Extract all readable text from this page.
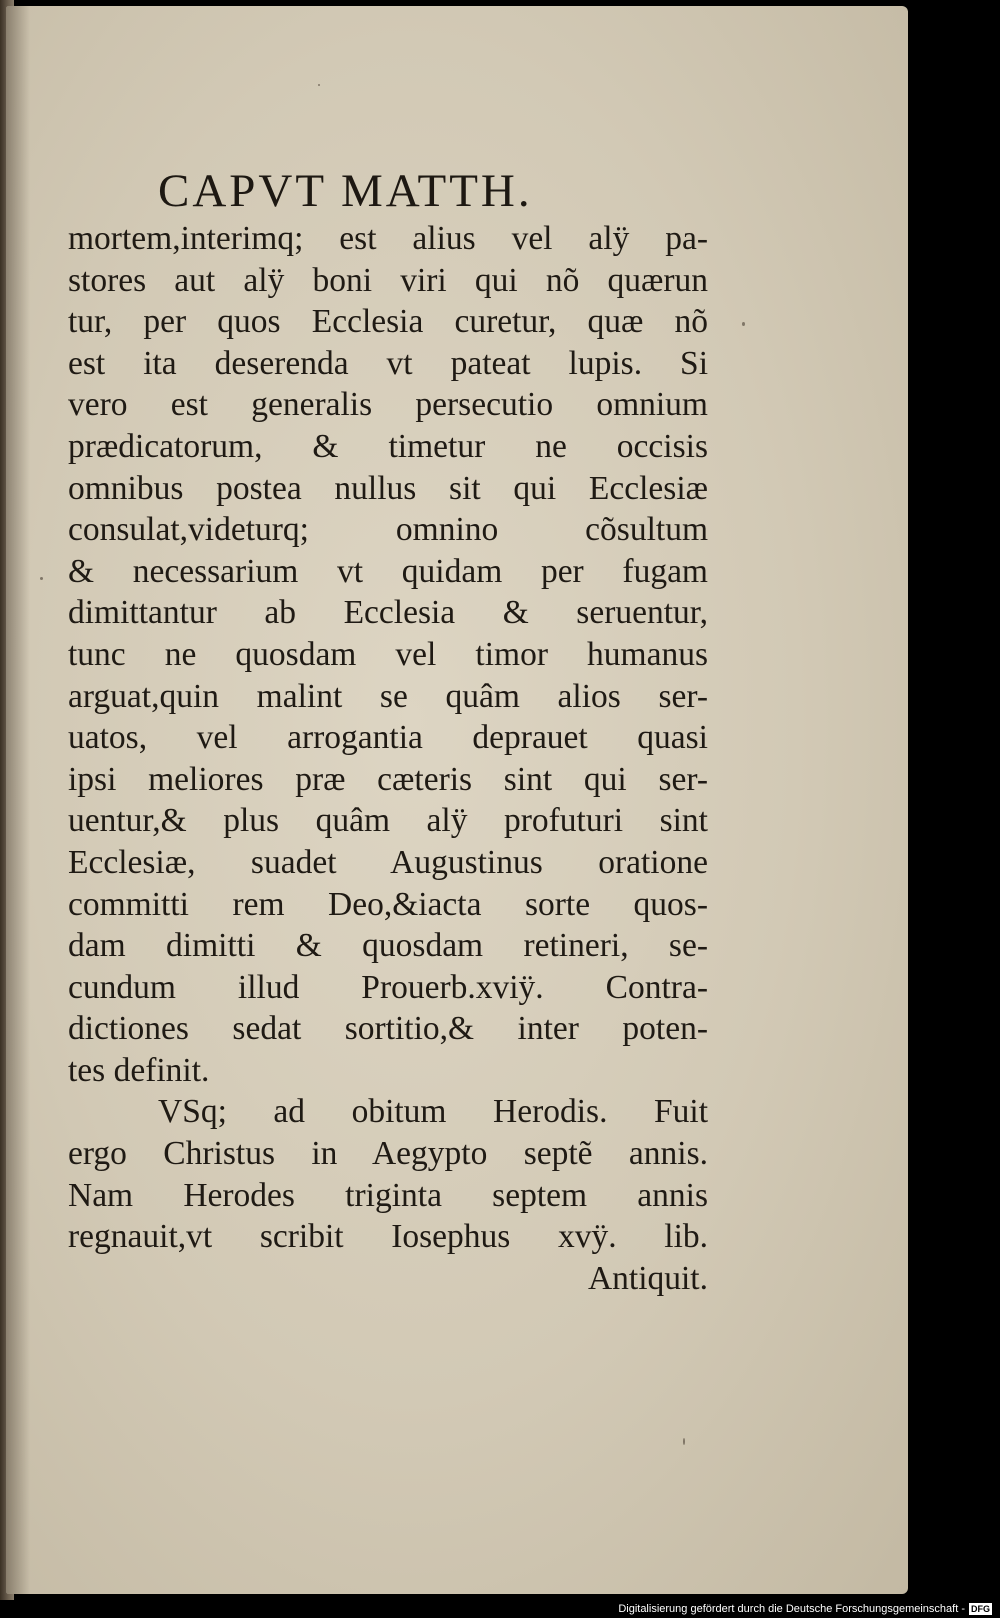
CAPVT MATTH.
mortem,interimq; est alius vel alÿ pa-
stores aut alÿ boni viri qui nõ quærun
tur, per quos Ecclesia curetur, quæ nõ
est ita deserenda vt pateat lupis. Si
vero est generalis persecutio omnium
prædicatorum, & timetur ne occisis
omnibus postea nullus sit qui Ecclesiæ
consulat,videturq; omnino cõsultum
& necessarium vt quidam per fugam
dimittantur ab Ecclesia & seruentur,
tunc ne quosdam vel timor humanus
arguat,quin malint se quâm alios ser-
uatos, vel arrogantia deprauet quasi
ipsi meliores præ cæteris sint qui ser-
uentur,& plus quâm alÿ profuturi sint
Ecclesiæ, suadet Augustinus oratione
committi rem Deo,&iacta sorte quos-
dam dimitti & quosdam retineri, se-
cundum illud Prouerb.xviÿ. Contra-
dictiones sedat sortitio,& inter poten-
tes definit.
VSq; ad obitum Herodis. Fuit
ergo Christus in Aegypto septẽ annis.
Nam Herodes triginta septem annis
regnauit,vt scribit Iosephus xvÿ. lib.
Antiquit.
Digitalisierung gefördert durch die Deutsche Forschungsgemeinschaft - DFG
